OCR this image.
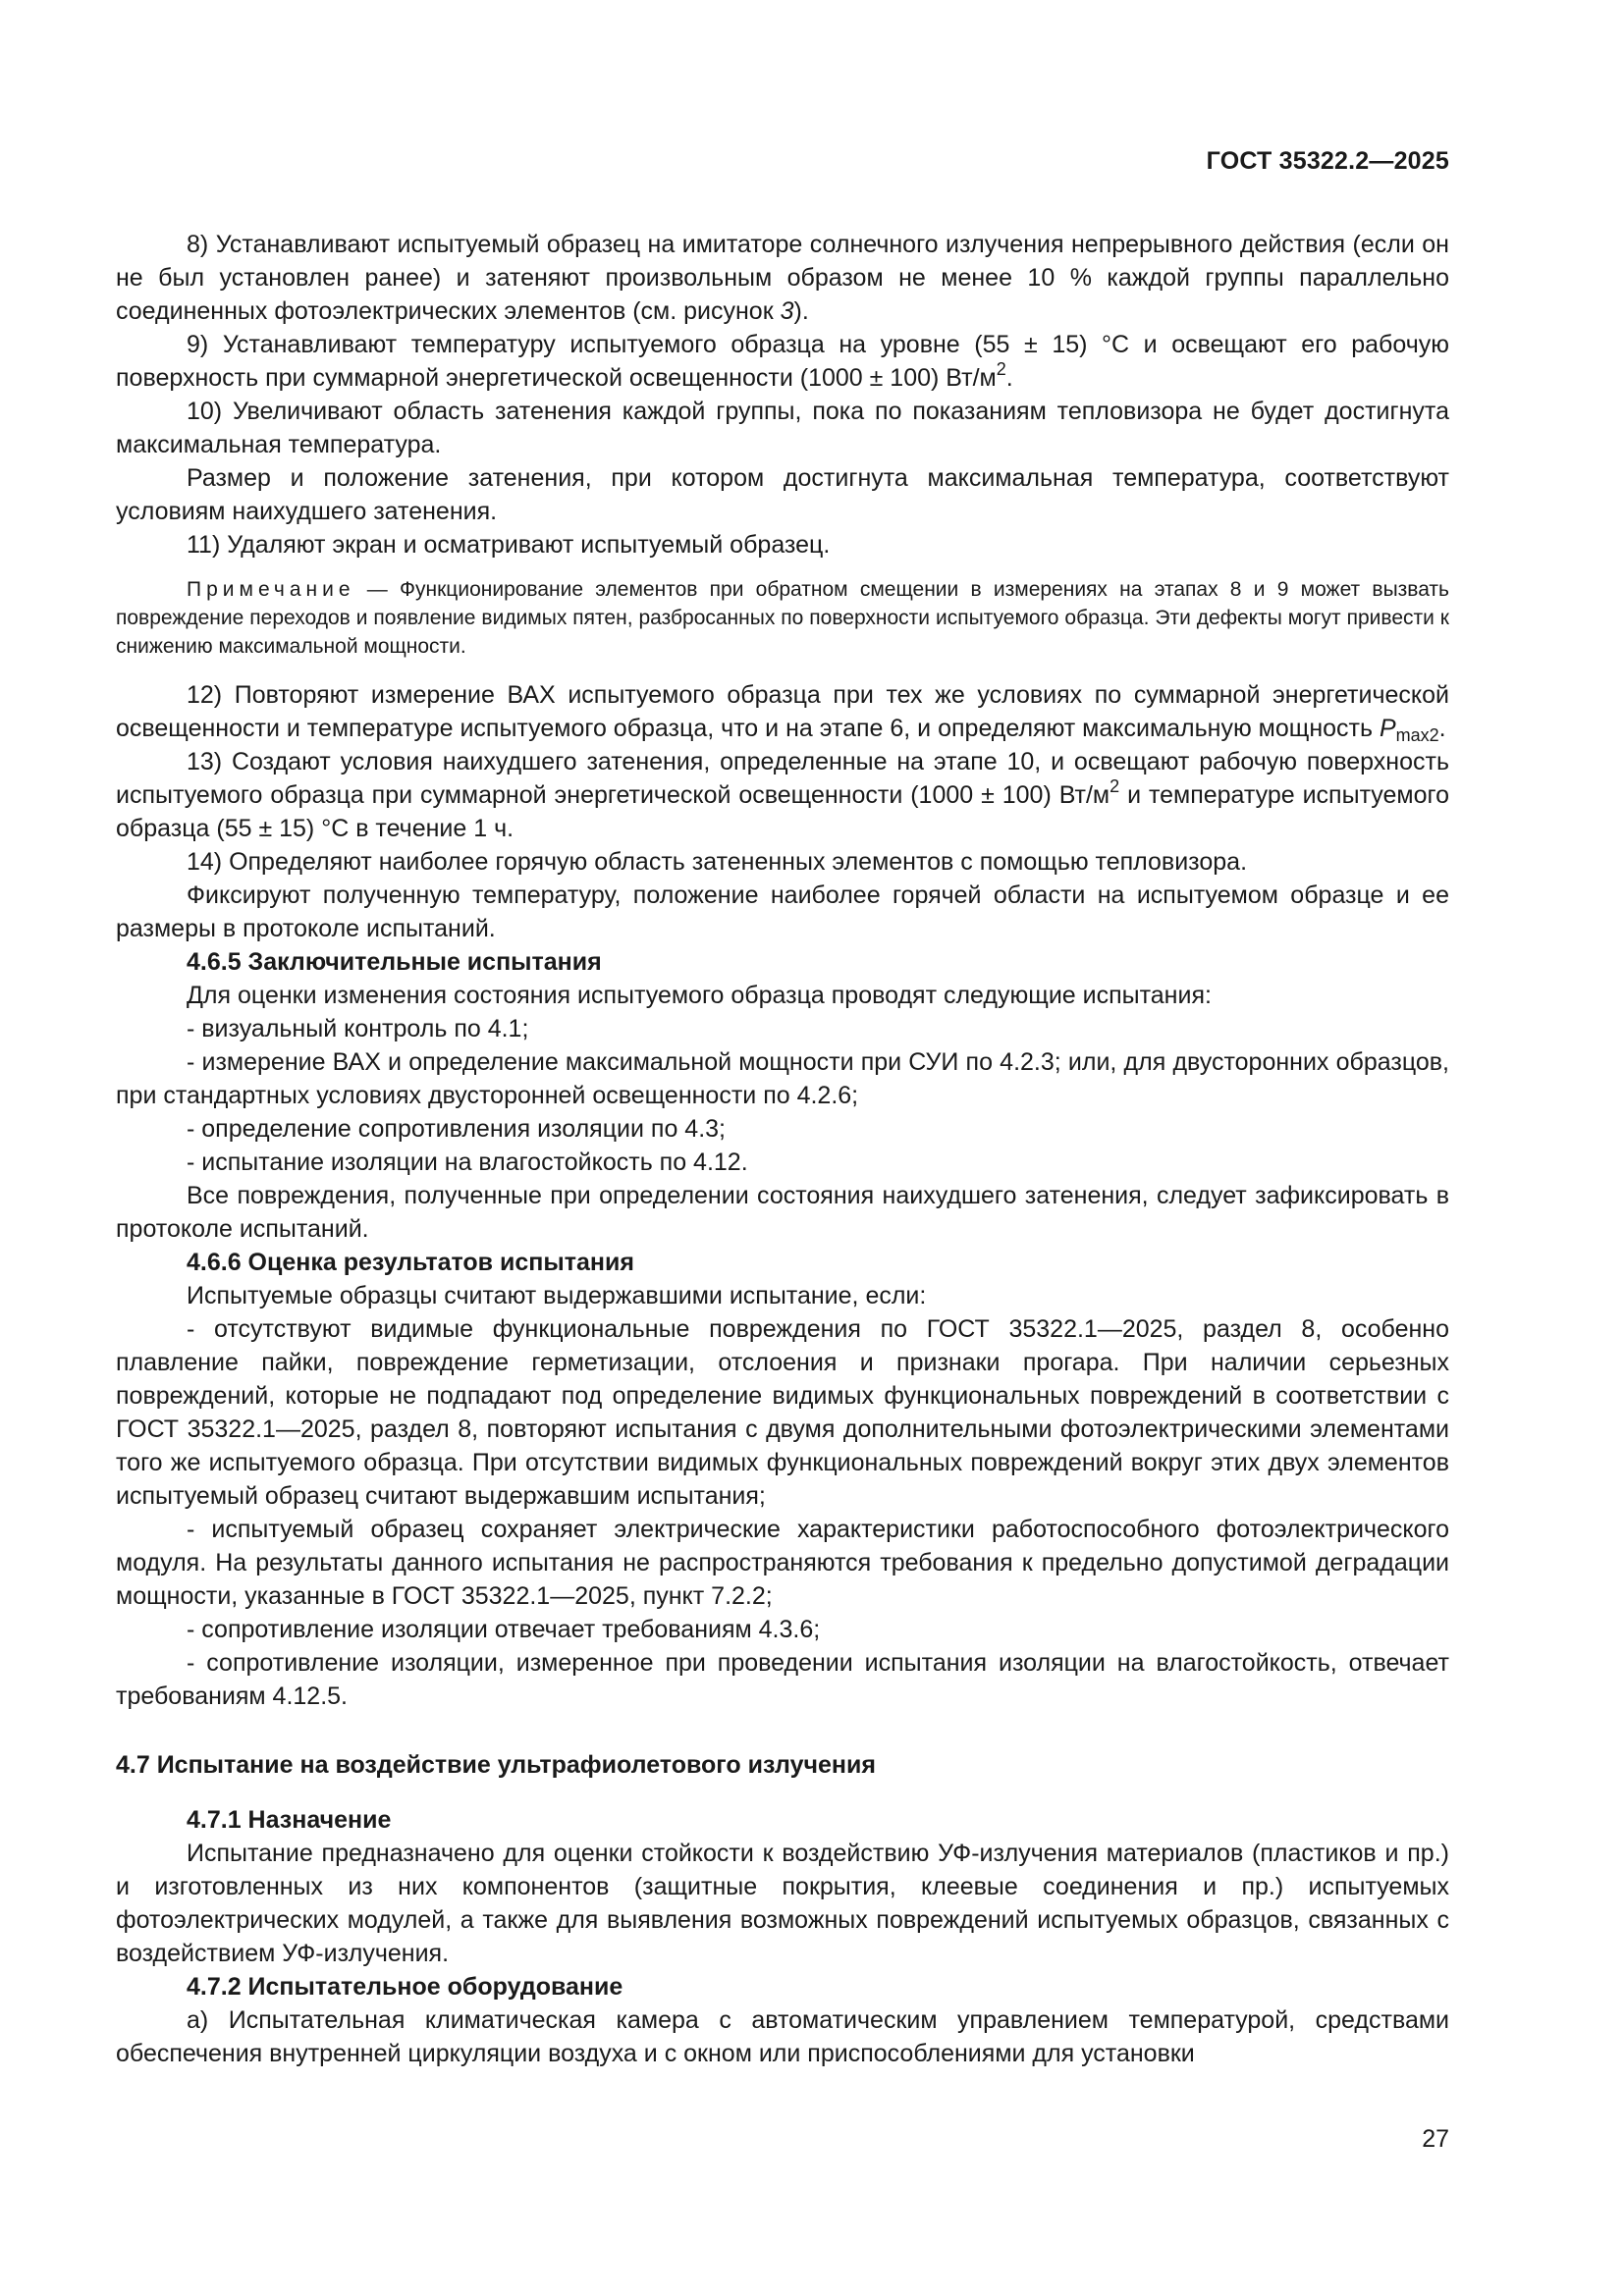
ГОСТ 35322.2—2025

8) Устанавливают испытуемый образец на имитаторе солнечного излучения непрерывного действия (если он не был установлен ранее) и затеняют произвольным образом не менее 10 % каждой группы параллельно соединенных фотоэлектрических элементов (см. рисунок 3).

9) Устанавливают температуру испытуемого образца на уровне (55 ± 15) °С и освещают его рабочую поверхность при суммарной энергетической освещенности (1000 ± 100) $Вт/м^2$.

10) Увеличивают область затенения каждой группы, пока по показаниям тепловизора не будет достигнута максимальная температура.

Размер и положение затенения, при котором достигнута максимальная температура, соответствуют условиям наихудшего затенения.

11) Удаляют экран и осматривают испытуемый образец.

Примечание — Функционирование элементов при обратном смещении в измерениях на этапах 8 и 9 может вызвать повреждение переходов и появление видимых пятен, разбросанных по поверхности испытуемого образца. Эти дефекты могут привести к снижению максимальной мощности.

12) Повторяют измерение ВАХ испытуемого образца при тех же условиях по суммарной энергетической освещенности и температуре испытуемого образца, что и на этапе 6, и определяют максимальную мощность $P_{max2}$.

13) Создают условия наихудшего затенения, определенные на этапе 10, и освещают рабочую поверхность испытуемого образца при суммарной энергетической освещенности (1000 ± 100) $Вт/м^2$ и температуре испытуемого образца (55 ± 15) °С в течение 1 ч.

14) Определяют наиболее горячую область затененных элементов с помощью тепловизора.

Фиксируют полученную температуру, положение наиболее горячей области на испытуемом образце и ее размеры в протоколе испытаний.

4.6.5 Заключительные испытания

Для оценки изменения состояния испытуемого образца проводят следующие испытания:

- визуальный контроль по 4.1;

- измерение ВАХ и определение максимальной мощности при СУИ по 4.2.3; или, для двусторонних образцов, при стандартных условиях двусторонней освещенности по 4.2.6;

- определение сопротивления изоляции по 4.3;

- испытание изоляции на влагостойкость по 4.12.

Все повреждения, полученные при определении состояния наихудшего затенения, следует зафиксировать в протоколе испытаний.

4.6.6 Оценка результатов испытания

Испытуемые образцы считают выдержавшими испытание, если:

- отсутствуют видимые функциональные повреждения по ГОСТ 35322.1—2025, раздел 8, особенно плавление пайки, повреждение герметизации, отслоения и признаки прогара. При наличии серьезных повреждений, которые не подпадают под определение видимых функциональных повреждений в соответствии с ГОСТ 35322.1—2025, раздел 8, повторяют испытания с двумя дополнительными фотоэлектрическими элементами того же испытуемого образца. При отсутствии видимых функциональных повреждений вокруг этих двух элементов испытуемый образец считают выдержавшим испытания;

- испытуемый образец сохраняет электрические характеристики работоспособного фотоэлектрического модуля. На результаты данного испытания не распространяются требования к предельно допустимой деградации мощности, указанные в ГОСТ 35322.1—2025, пункт 7.2.2;

- сопротивление изоляции отвечает требованиям 4.3.6;

- сопротивление изоляции, измеренное при проведении испытания изоляции на влагостойкость, отвечает требованиям 4.12.5.

4.7 Испытание на воздействие ультрафиолетового излучения

4.7.1 Назначение

Испытание предназначено для оценки стойкости к воздействию УФ-излучения материалов (пластиков и пр.) и изготовленных из них компонентов (защитные покрытия, клеевые соединения и пр.) испытуемых фотоэлектрических модулей, а также для выявления возможных повреждений испытуемых образцов, связанных с воздействием УФ-излучения.

4.7.2 Испытательное оборудование

а) Испытательная климатическая камера с автоматическим управлением температурой, средствами обеспечения внутренней циркуляции воздуха и с окном или приспособлениями для установки

27
